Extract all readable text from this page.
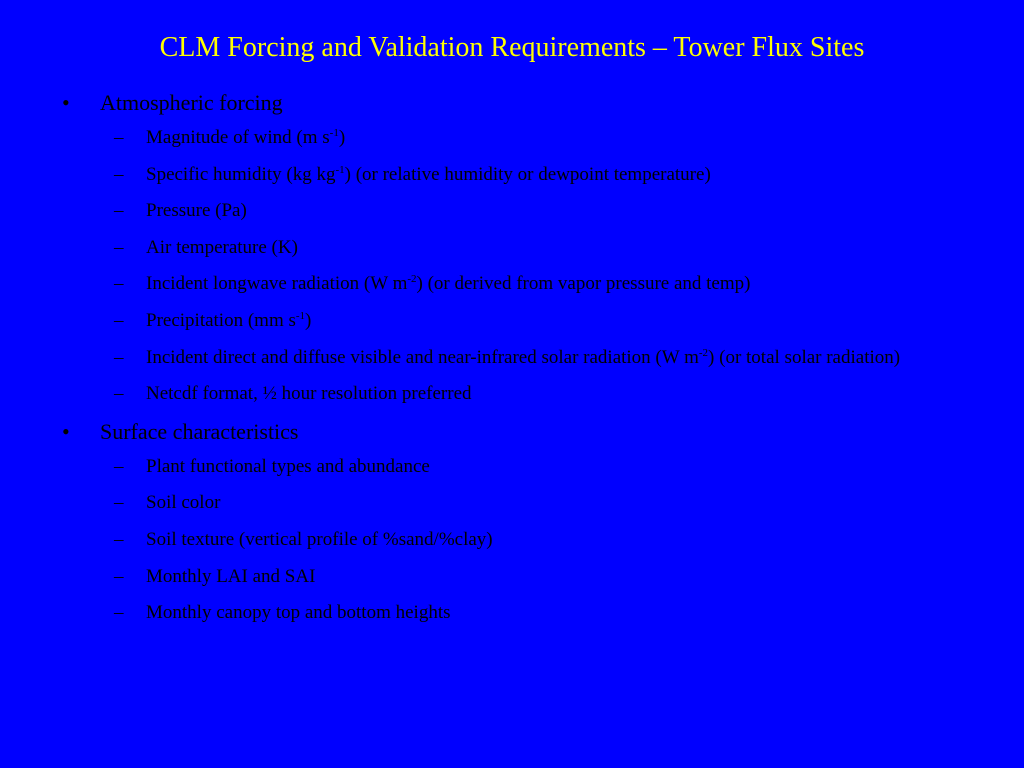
CLM Forcing and Validation Requirements – Tower Flux Sites
• Atmospheric forcing
– Magnitude of wind (m $s^{-1}$)
– Specific humidity (kg $kg^{-1}$) (or relative humidity or dewpoint temperature)
– Pressure (Pa)
– Air temperature (K)
– Incident longwave radiation (W $m^{-2}$) (or derived from vapor pressure and temp)
– Precipitation (mm $s^{-1}$)
– Incident direct and diffuse visible and near-infrared solar radiation (W $m^{-2}$) (or total solar radiation)
– Netcdf format, ½ hour resolution preferred
• Surface characteristics
– Plant functional types and abundance
– Soil color
– Soil texture (vertical profile of %sand/%clay)
– Monthly LAI and SAI
– Monthly canopy top and bottom heights
